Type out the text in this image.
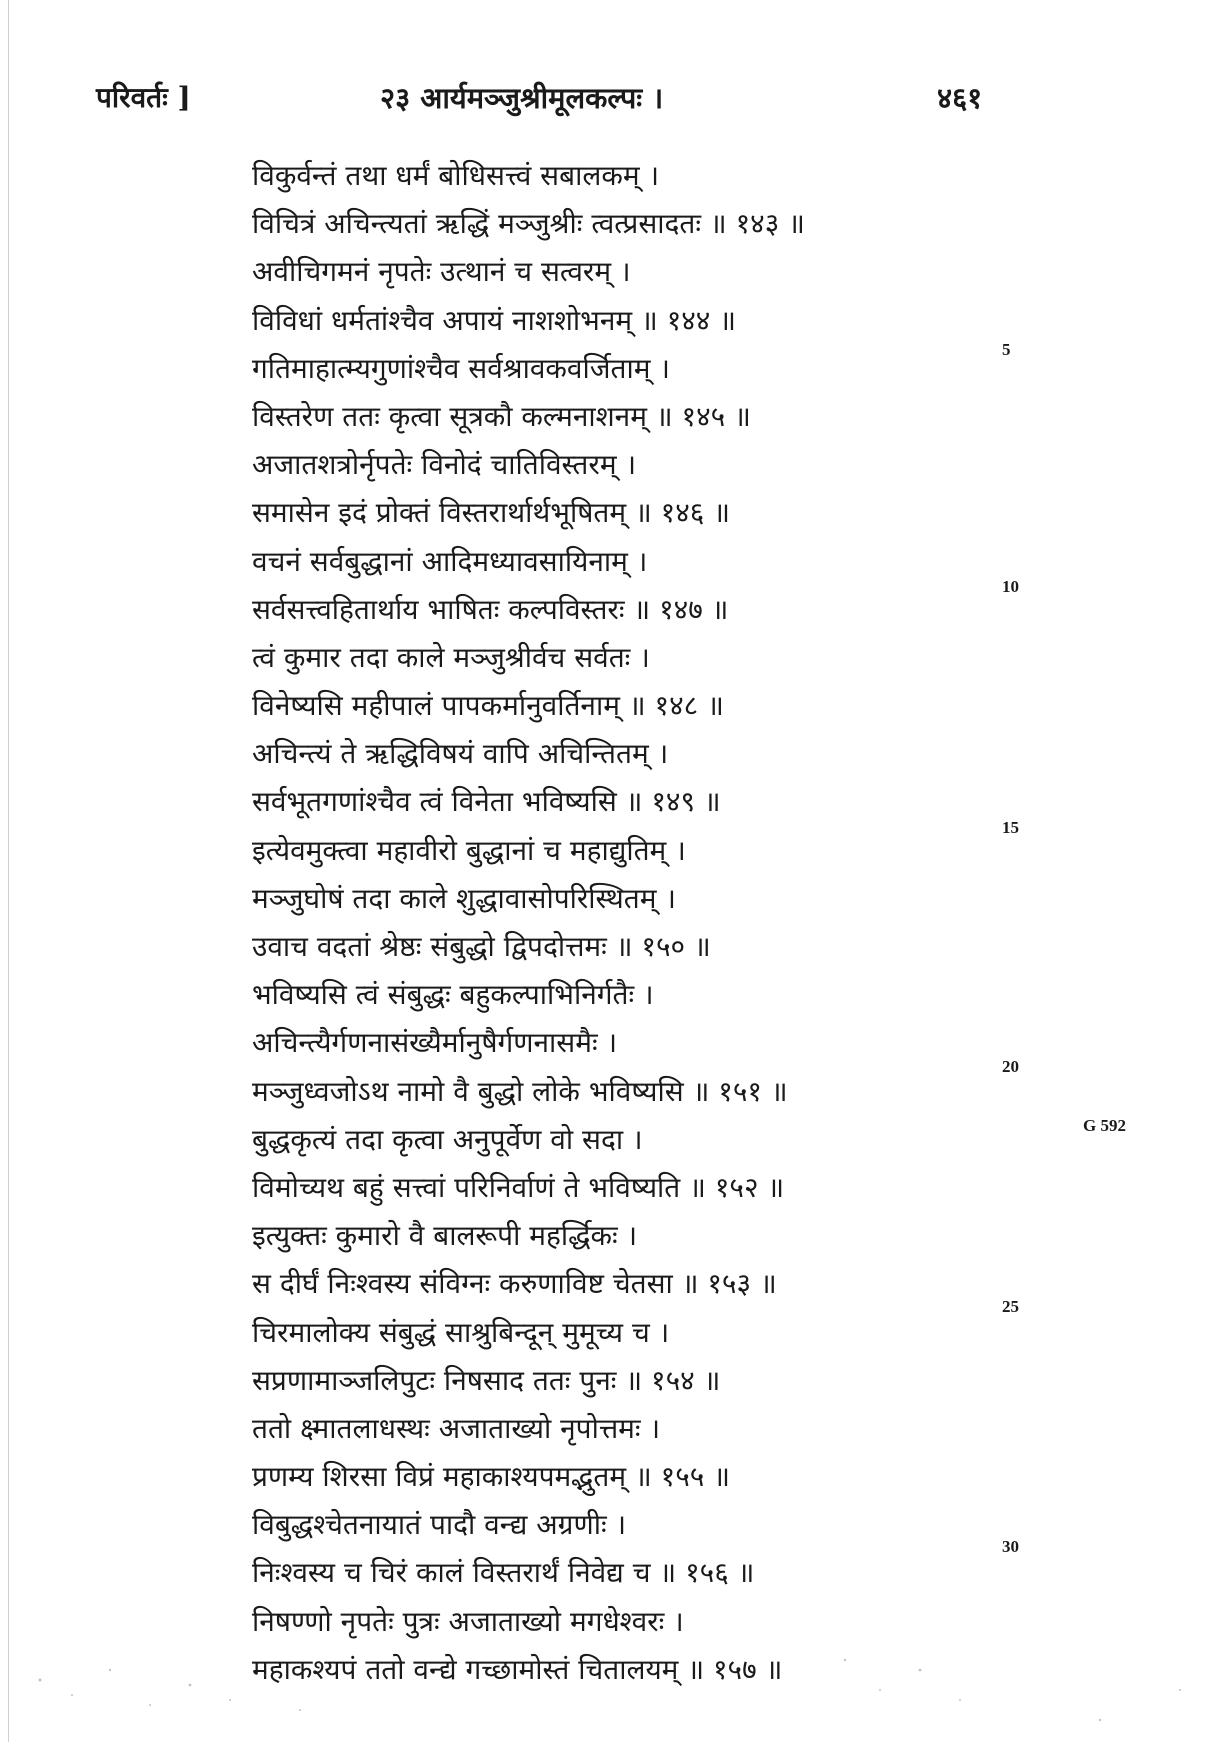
परिवर्तः ]	२३ आर्यमञ्जुश्रीमूलकल्पः ।	४६१
विकुर्वन्तं तथा धर्मं बोधिसत्त्वं सबालकम् ।
विचित्रं अचिन्त्यतां ऋद्धिं मञ्जुश्रीः त्वत्प्रसादतः ॥ १४३ ॥
अवीचिगमनं नृपतेः उत्थानं च सत्वरम् ।
विविधां धर्मतांश्चैव अपायं नाशशोभनम् ॥ १४४ ॥
गतिमाहात्म्यगुणांश्चैव सर्वश्रावकवर्जिताम् ।
विस्तरेण ततः कृत्वा सूत्रकौ कल्मनाशनम् ॥ १४५ ॥
अजातशत्रोर्नृपतेः विनोदं चातिविस्तरम् ।
समासेन इदं प्रोक्तं विस्तरार्थार्थभूषितम् ॥ १४६ ॥
वचनं सर्वबुद्धानां आदिमध्यावसायिनाम् ।
सर्वसत्त्वहितार्थाय भाषितः कल्पविस्तरः ॥ १४७ ॥
त्वं कुमार तदा काले मञ्जुश्रीर्वच सर्वतः ।
विनेष्यसि महीपालं पापकर्मानुवर्तिनाम् ॥ १४८ ॥
अचिन्त्यं ते ऋद्धिविषयं वापि अचिन्तितम् ।
सर्वभूतगणांश्चैव त्वं विनेता भविष्यसि ॥ १४९ ॥
इत्येवमुक्त्वा महावीरो बुद्धानां च महाद्युतिम् ।
मञ्जुघोषं तदा काले शुद्धावासोपरिस्थितम् ।
उवाच वदतां श्रेष्ठः संबुद्धो द्विपदोत्तमः ॥ १५० ॥
भविष्यसि त्वं संबुद्धः बहुकल्पाभिनिर्गतैः ।
अचिन्त्यैर्गणनासंख्यैर्मानुषैर्गणनासमैः ।
मञ्जुध्वजोऽथ नामो वै बुद्धो लोके भविष्यसि ॥ १५१ ॥
बुद्धकृत्यं तदा कृत्वा अनुपूर्वेण वो सदा ।
विमोच्यथ बहुं सत्त्वां परिनिर्वाणं ते भविष्यति ॥ १५२ ॥
इत्युक्तः कुमारो वै बालरूपी महर्द्धिकः ।
स दीर्घं निःश्वस्य संविग्नः करुणाविष्ट चेतसा ॥ १५३ ॥
चिरमालोक्य संबुद्धं साश्रुबिन्दून् मुमूच्य च ।
सप्रणामाञ्जलिपुटः निषसाद ततः पुनः ॥ १५४ ॥
ततो क्ष्मातलाधस्थः अजाताख्यो नृपोत्तमः ।
प्रणम्य शिरसा विप्रं महाकाश्यपमद्भुतम् ॥ १५५ ॥
विबुद्धश्चेतनायातं पादौ वन्द्य अग्रणीः ।
निःश्वस्य च चिरं कालं विस्तरार्थं निवेद्य च ॥ १५६ ॥
निषण्णो नृपतेः पुत्रः अजाताख्यो मगधेश्वरः ।
महाकश्यपं ततो वन्द्ये गच्छामोस्तं चितालयम् ॥ १५७ ॥
5
10
15
20
25
30
G 592
